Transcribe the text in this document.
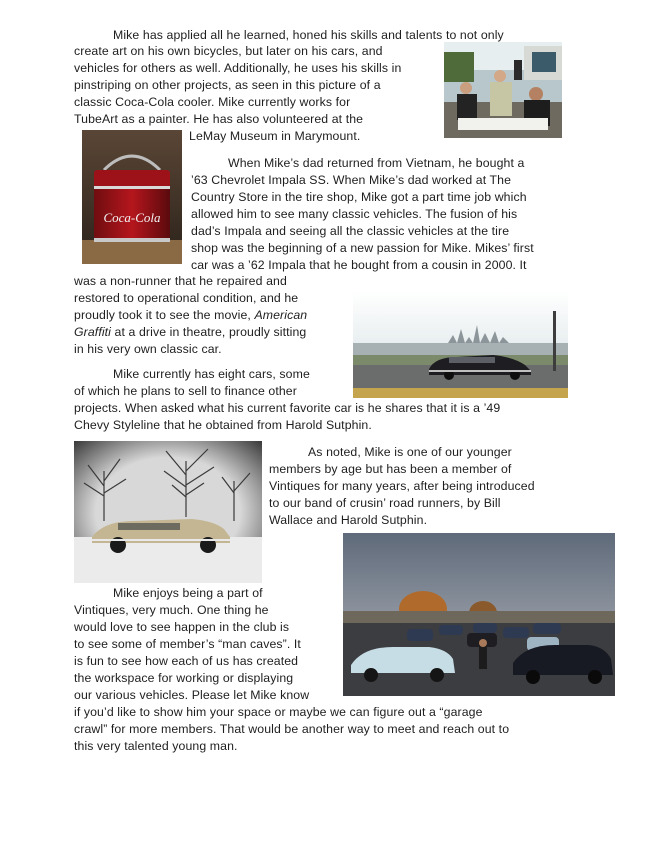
Mike has applied all he learned, honed his skills and talents to not only
create art on his own bicycles, but later on his cars, and
vehicles for others as well. Additionally, he uses his skills in
pinstriping on other projects, as seen in this picture of a
classic Coca-Cola cooler. Mike currently works for
TubeArt as a painter. He has also volunteered at the
LeMay Museum in Marymount.
Coca-Cola
When Mike’s dad returned from Vietnam, he bought a
’63 Chevrolet Impala SS. When Mike’s dad worked at The
Country Store in the tire shop, Mike got a part time job which
allowed him to see many classic vehicles. The fusion of his
dad’s Impala and seeing all the classic vehicles at the tire
shop was the beginning of a new passion for Mike. Mikes’ first
car was a ’62 Impala that he bought from a cousin in 2000. It
was a non-runner that he repaired and
restored to operational condition, and he
proudly took it to see the movie, American
Graffiti at a drive in theatre, proudly sitting
in his very own classic car.
Mike currently has eight cars, some
of which he plans to sell to finance other
projects. When asked what his current favorite car is he shares that it is a ’49
Chevy Styleline that he obtained from Harold Sutphin.
As noted, Mike is one of our younger
members by age but has been a member of
Vintiques for many years, after being introduced
to our band of crusin’ road runners, by Bill
Wallace and Harold Sutphin.
Mike enjoys being a part of
Vintiques, very much. One thing he
would love to see happen in the club is
to see some of member’s “man caves”. It
is fun to see how each of us has created
the workspace for working or displaying
our various vehicles. Please let Mike know
if you’d like to show him your space or maybe we can figure out a “garage
crawl” for more members. That would be another way to meet and reach out to
this very talented young man.
